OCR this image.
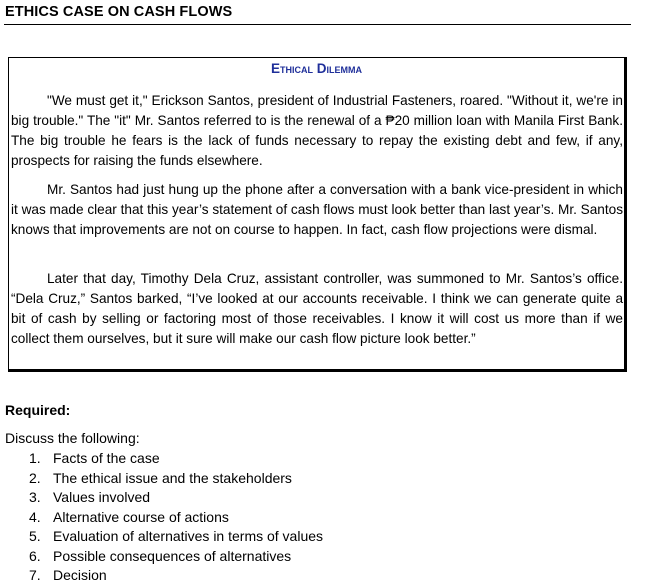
ETHICS CASE ON CASH FLOWS
Ethical Dilemma

"We must get it," Erickson Santos, president of Industrial Fasteners, roared. "Without it, we're in big trouble." The "it" Mr. Santos referred to is the renewal of a ₱20 million loan with Manila First Bank. The big trouble he fears is the lack of funds necessary to repay the existing debt and few, if any, prospects for raising the funds elsewhere.

Mr. Santos had just hung up the phone after a conversation with a bank vice-president in which it was made clear that this year’s statement of cash flows must look better than last year’s. Mr. Santos knows that improvements are not on course to happen. In fact, cash flow projections were dismal.

Later that day, Timothy Dela Cruz, assistant controller, was summoned to Mr. Santos’s office. “Dela Cruz,” Santos barked, “I’ve looked at our accounts receivable. I think we can generate quite a bit of cash by selling or factoring most of those receivables. I know it will cost us more than if we collect them ourselves, but it sure will make our cash flow picture look better.”

Required:
Discuss the following:
1. Facts of the case
2. The ethical issue and the stakeholders
3. Values involved
4. Alternative course of actions
5. Evaluation of alternatives in terms of values
6. Possible consequences of alternatives
7. Decision
